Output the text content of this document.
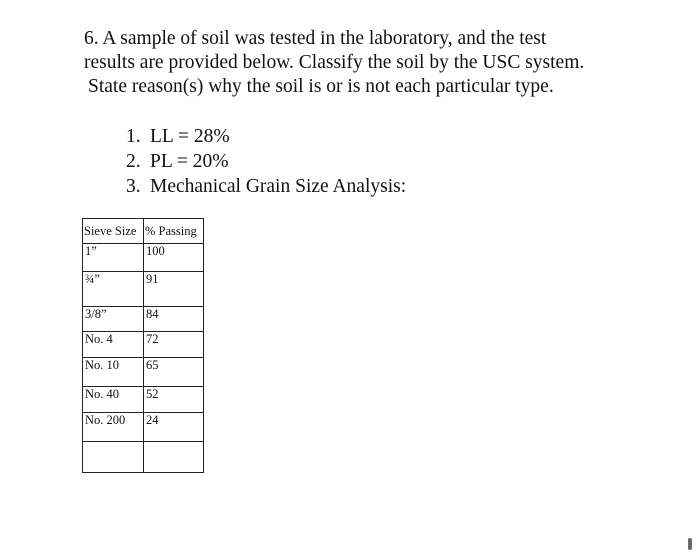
6. A sample of soil was tested in the laboratory, and the test
results are provided below. Classify the soil by the USC system.
State reason(s) why the soil is or is not each particular type.
1. LL = 28%
2. PL = 20%
3. Mechanical Grain Size Analysis:
Sieve Size	% Passing
1”	100
¾”	91
3/8”	84
No. 4	72
No. 10	65
No. 40	52
No. 200	24
